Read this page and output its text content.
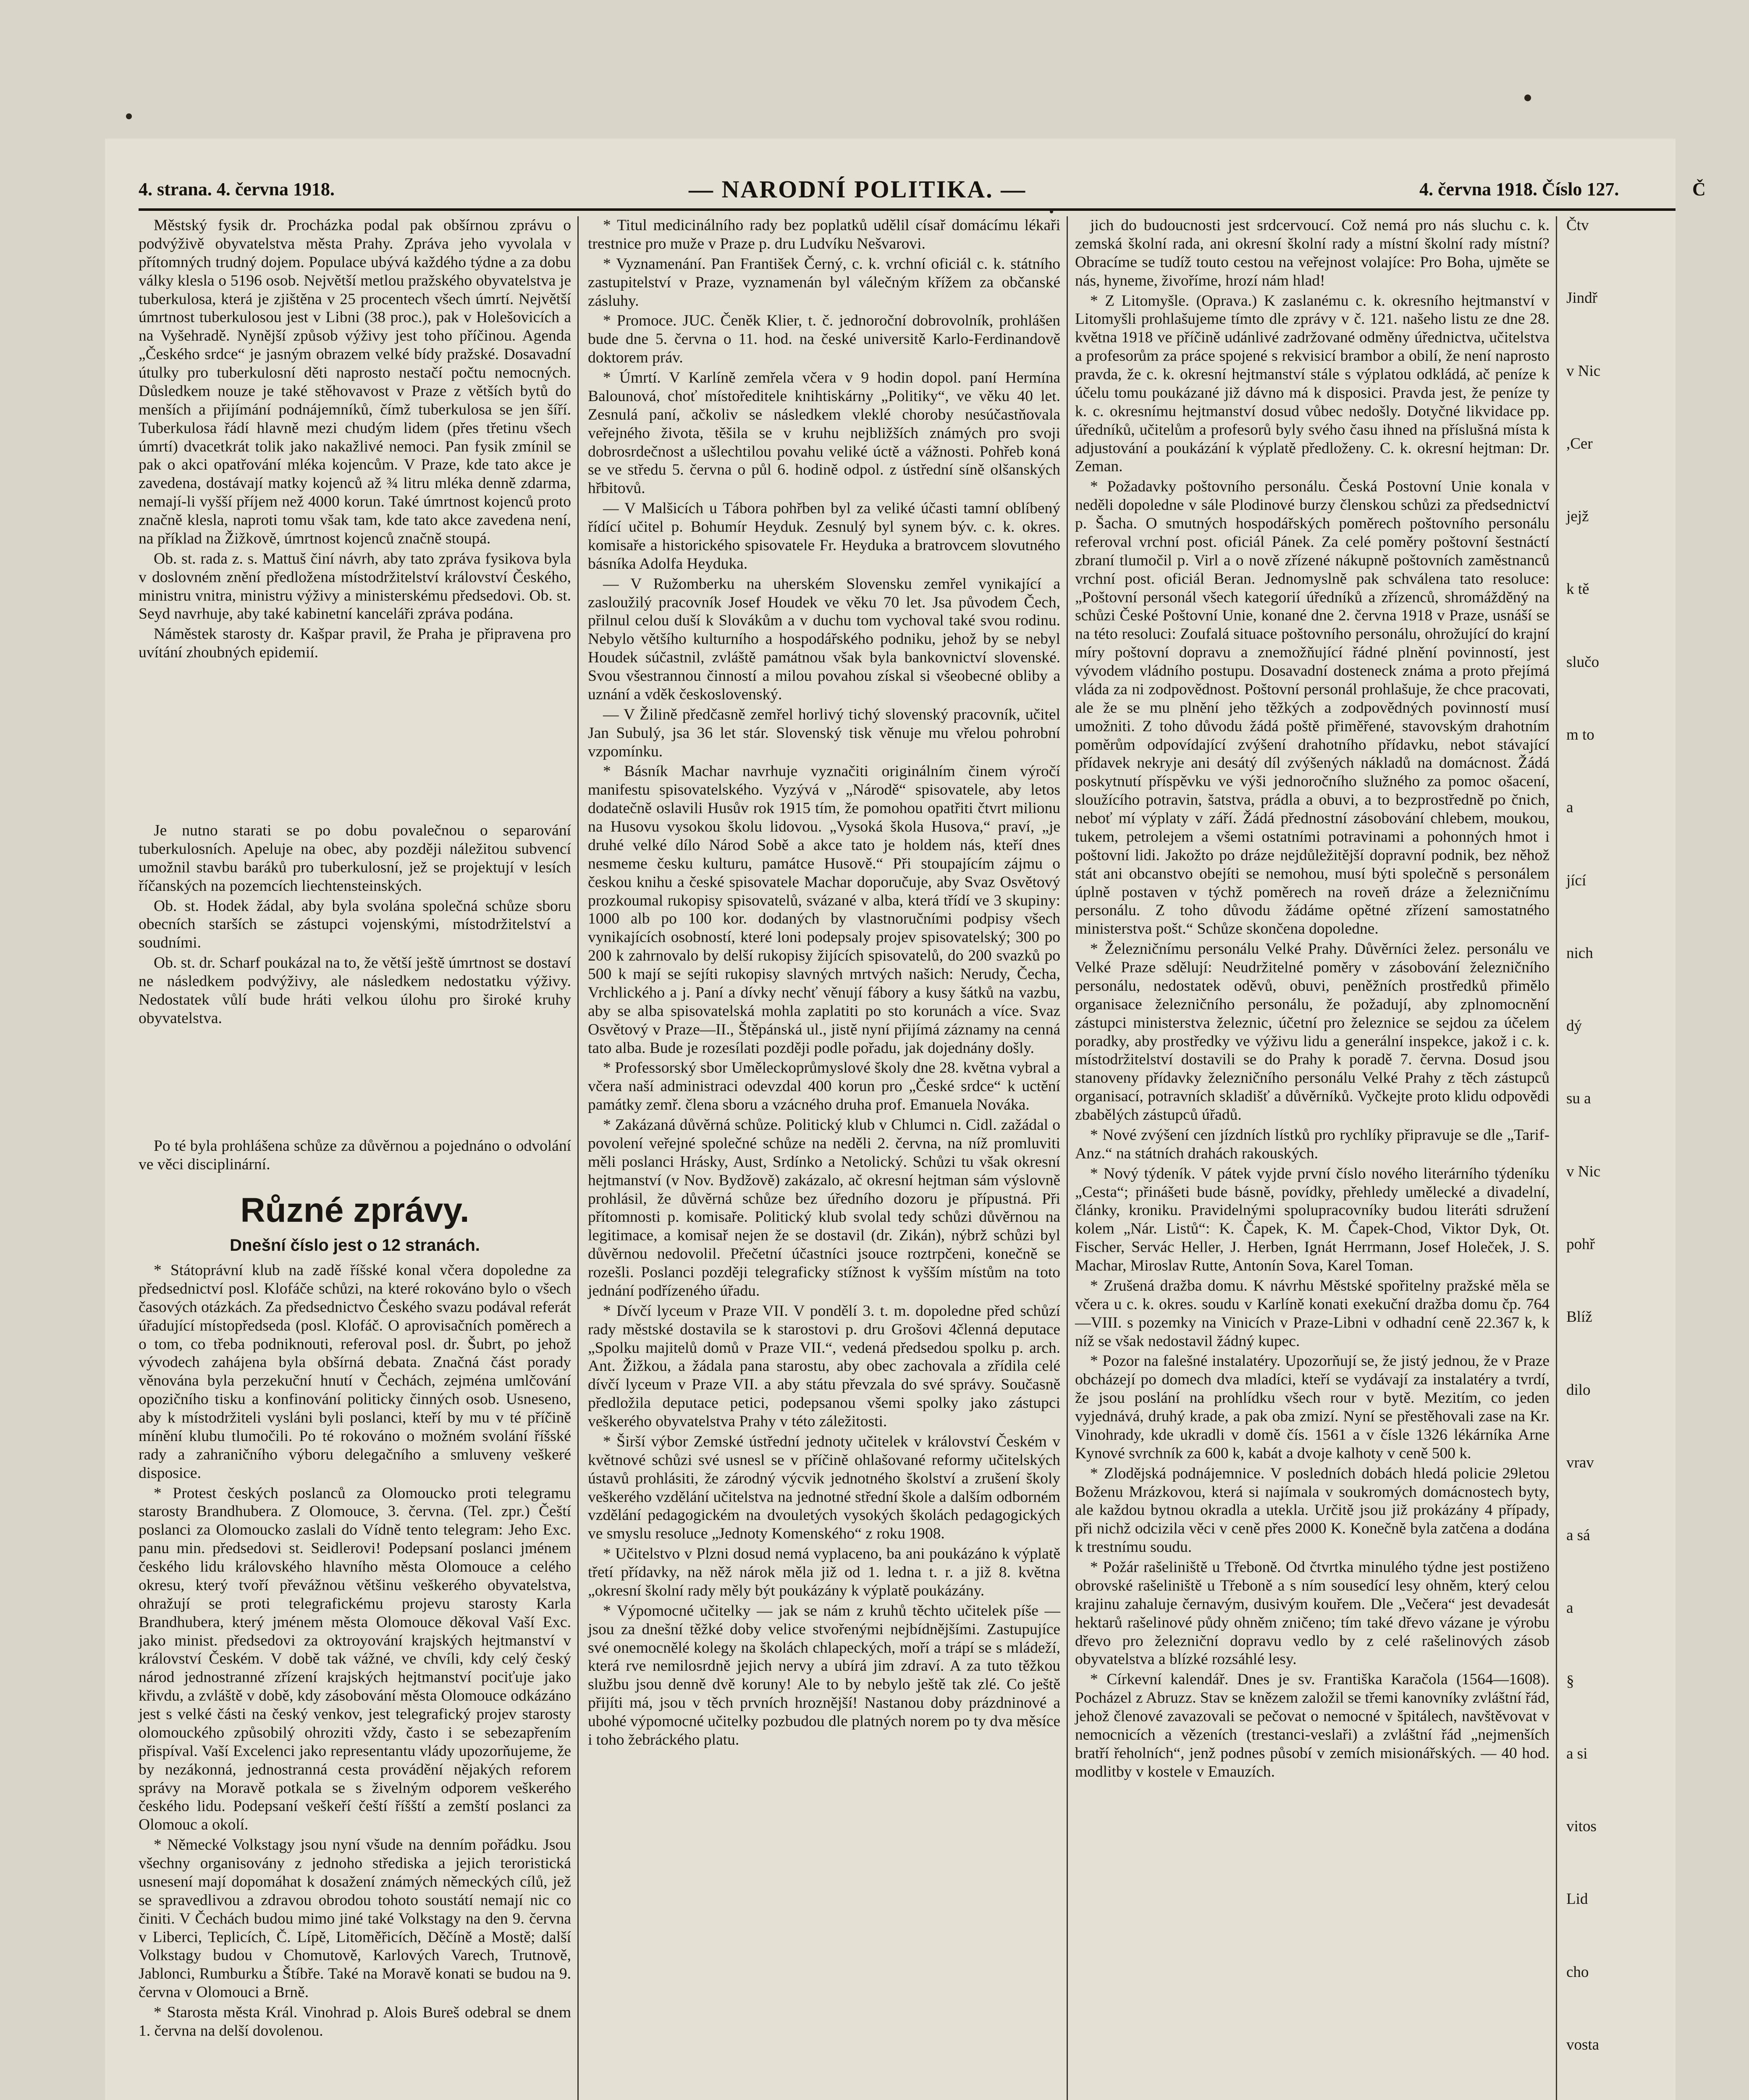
4. strana. 4. června 1918.	— NARODNÍ POLITIKA. —	4. června 1918. Číslo 127.	Č

Městský fysik dr. Procházka podal pak obšírnou zprávu o podvýživě obyvatelstva města Prahy. Zpráva jeho vyvolala v přítomných trudný dojem. Populace ubývá každého týdne a za dobu války klesla o 5196 osob. Největší metlou pražského obyvatelstva je tuberkulosa, která je zjištěna v 25 procentech všech úmrtí. Největší úmrtnost tuberkulosou jest v Libni (38 proc.), pak v Holešovicích a na Vyšehradě. Nynější způsob výživy jest toho příčinou. Agenda „Českého srdce“ je jasným obrazem velké bídy pražské. Dosavadní útulky pro tuberkulosní děti naprosto nestačí počtu nemocných. Důsledkem nouze je také stěhovavost v Praze z větších bytů do menších a přijímání podnájemníků, čímž tuberkulosa se jen šíří. Tuberkulosa řádí hlavně mezi chudým lidem (přes třetinu všech úmrtí) dvacetkrát tolik jako nakažlivé nemoci. Pan fysik zmínil se pak o akci opatřování mléka kojencům. V Praze, kde tato akce je zavedena, dostávají matky kojenců až ¾ litru mléka denně zdarma, nemají-li vyšší příjem než 4000 korun. Také úmrtnost kojenců proto značně klesla, naproti tomu však tam, kde tato akce zavedena není, na příklad na Žižkově, úmrtnost kojenců značně stoupá.

Ob. st. rada z. s. Mattuš činí návrh, aby tato zpráva fysikova byla v doslovném znění předložena místodržitelství království Českého, ministru vnitra, ministru výživy a ministerskému předsedovi. Ob. st. Seyd navrhuje, aby také kabinetní kanceláři zpráva podána.

Náměstek starosty dr. Kašpar pravil, že Praha je připravena pro uvítání zhoubných epidemií.

Je nutno starati se po dobu povalečnou o separování tuberkulosních. Apeluje na obec, aby později náležitou subvencí umožnil stavbu baráků pro tuberkulosní, jež se projektují v lesích říčanských na pozemcích liechtensteinských.

Ob. st. Hodek žádal, aby byla svolána společná schůze sboru obecních starších se zástupci vojenskými, místodržitelství a soudními.

Ob. st. dr. Scharf poukázal na to, že větší ještě úmrtnost se dostaví ne následkem podvýživy, ale následkem nedostatku výživy. Nedostatek vůlí bude hráti velkou úlohu pro široké kruhy obyvatelstva.

Po té byla prohlášena schůze za důvěrnou a pojednáno o odvolání ve věci disciplinární.

Různé zprávy.
Dnešní číslo jest o 12 stranách.

* Státoprávní klub na zadě říšské konal včera dopoledne za předsednictví posl. Klofáče schůzi, na které rokováno bylo o všech časových otázkách. Za předsednictvo Českého svazu podával referát úřadující místopředseda (posl. Klofáč. O aprovisačních poměrech a o tom, co třeba podniknouti, referoval posl. dr. Šubrt, po jehož vývodech zahájena byla obšírná debata. Značná část porady věnována byla perzekuční hnutí v Čechách, zejména umlčování opozičního tisku a konfinování politicky činných osob. Usneseno, aby k místodržiteli vysláni byli poslanci, kteří by mu v té příčině mínění klubu tlumočili. Po té rokováno o možném svolání říšské rady a zahraničního výboru delegačního a smluveny veškeré disposice.

* Protest českých poslanců za Olomoucko proti telegramu starosty Brandhubera. Z Olomouce, 3. června. (Tel. zpr.) Čeští poslanci za Olomoucko zaslali do Vídně tento telegram: Jeho Exc. panu min. předsedovi st. Seidlerovi! Podepsaní poslanci jménem českého lidu královského hlavního města Olomouce a celého okresu, který tvoří převážnou většinu veškerého obyvatelstva, ohražují se proti telegrafickému projevu starosty Karla Brandhubera, který jménem města Olomouce děkoval Vaší Exc. jako minist. předsedovi za oktroyování krajských hejtmanství v království Českém. V době tak vážné, ve chvíli, kdy celý český národ jednostranné zřízení krajských hejtmanství pociťuje jako křivdu, a zvláště v době, kdy zásobování města Olomouce odkázáno jest s velké části na český venkov, jest telegrafický projev starosty olomouckého způsobilý ohroziti vždy, často i se sebezapřením přispíval. Vaší Excelenci jako representantu vlády upozorňujeme, že by nezákonná, jednostranná cesta provádění nějakých reforem správy na Moravě potkala se s živelným odporem veškerého českého lidu. Podepsaní veškeří čeští říšští a zemští poslanci za Olomouc a okolí.

* Německé Volkstagy jsou nyní všude na denním pořádku. Jsou všechny organisovány z jednoho střediska a jejich teroristická usnesení mají dopomáhat k dosažení známých německých cílů, jež se spravedlivou a zdravou obrodou tohoto soustátí nemají nic co činiti. V Čechách budou mimo jiné také Volkstagy na den 9. června v Liberci, Teplicích, Č. Lípě, Litoměřicích, Děčíně a Mostě; další Volkstagy budou v Chomutově, Karlových Varech, Trutnově, Jablonci, Rumburku a Štíbře. Také na Moravě konati se budou na 9. června v Olomouci a Brně.

* Starosta města Král. Vinohrad p. Alois Bureš odebral se dnem 1. června na delší dovolenou.

* Titul medicinálního rady bez poplatků udělil císař domácímu lékaři trestnice pro muže v Praze p. dru Ludvíku Nešvarovi.

* Vyznamenání. Pan František Černý, c. k. vrchní oficiál c. k. státního zastupitelství v Praze, vyznamenán byl válečným křížem za občanské zásluhy.

* Promoce. JUC. Čeněk Klier, t. č. jednoroční dobrovolník, prohlášen bude dne 5. června o 11. hod. na české universitě Karlo-Ferdinandově doktorem práv.

* Úmrtí. V Karlíně zemřela včera v 9 hodin dopol. paní Hermína Balounová, choť místoředitele knihtiskárny „Politiky“, ve věku 40 let. Zesnulá paní, ačkoliv se následkem vleklé choroby nesúčastňovala veřejného života, těšila se v kruhu nejbližších známých pro svoji dobrosrdečnost a ušlechtilou povahu veliké úctě a vážnosti. Pohřeb koná se ve středu 5. června o půl 6. hodině odpol. z ústřední síně olšanských hřbitovů.

— V Malšicích u Tábora pohřben byl za veliké účasti tamní oblíbený řídící učitel p. Bohumír Heyduk. Zesnulý byl synem býv. c. k. okres. komisaře a historického spisovatele Fr. Heyduka a bratrovcem slovutného básníka Adolfa Heyduka.

— V Ružomberku na uherském Slovensku zemřel vynikající a zasloužilý pracovník Josef Houdek ve věku 70 let. Jsa původem Čech, přilnul celou duší k Slovákům a v duchu tom vychoval také svou rodinu. Nebylo většího kulturního a hospodářského podniku, jehož by se nebyl Houdek súčastnil, zvláště památnou však byla bankovnictví slovenské. Svou všestrannou činností a milou povahou získal si všeobecné obliby a uznání a vděk československý.

— V Žilině předčasně zemřel horlivý tichý slovenský pracovník, učitel Jan Subulý, jsa 36 let stár. Slovenský tisk věnuje mu vřelou pohrobní vzpomínku.

* Básník Machar navrhuje vyznačiti originálním činem výročí manifestu spisovatelského. Vyzývá v „Národě“ spisovatele, aby letos dodatečně oslavili Husův rok 1915 tím, že pomohou opatřiti čtvrt milionu na Husovu vysokou školu lidovou. „Vysoká škola Husova,“ praví, „je druhé velké dílo Národ Sobě a akce tato je holdem nás, kteří dnes nesmeme česku kulturu, památce Husově.“ Při stoupajícím zájmu o českou knihu a české spisovatele Machar doporučuje, aby Svaz Osvětový prozkoumal rukopisy spisovatelů, svázané v alba, která třídí ve 3 skupiny: 1000 alb po 100 kor. dodaných by vlastnoručními podpisy všech vynikajících osobností, které loni podepsaly projev spisovatelský; 300 po 200 k zahrnovalo by delší rukopisy žijících spisovatelů, do 200 svazků po 500 k mají se sejíti rukopisy slavných mrtvých našich: Nerudy, Čecha, Vrchlického a j. Paní a dívky nechť věnují fábory a kusy šátků na vazbu, aby se alba spisovatelská mohla zaplatiti po sto korunách a více. Svaz Osvětový v Praze—II., Štěpánská ul., jistě nyní přijímá záznamy na cenná tato alba. Bude je rozesílati později podle pořadu, jak dojednány došly.

* Professorský sbor Uměleckoprůmyslové školy dne 28. května vybral a včera naší administraci odevzdal 400 korun pro „České srdce“ k uctění památky zemř. člena sboru a vzácného druha prof. Emanuela Nováka.

* Zakázaná důvěrná schůze. Politický klub v Chlumci n. Cidl. zažádal o povolení veřejné společné schůze na neděli 2. června, na níž promluviti měli poslanci Hrásky, Aust, Srdínko a Netolický. Schůzi tu však okresní hejtmanství (v Nov. Bydžově) zakázalo, ač okresní hejtman sám výslovně prohlásil, že důvěrná schůze bez úředního dozoru je přípustná. Při přítomnosti p. komisaře. Politický klub svolal tedy schůzi důvěrnou na legitimace, a komisař nejen že se dostavil (dr. Zikán), nýbrž schůzi byl důvěrnou nedovolil. Přečetní účastníci jsouce roztrpčeni, konečně se rozešli. Poslanci později telegraficky stížnost k vyšším místům na toto jednání podřízeného úřadu.

* Dívčí lyceum v Praze VII. V pondělí 3. t. m. dopoledne před schůzí rady městské dostavila se k starostovi p. dru Grošovi 4členná deputace „Spolku majitelů domů v Praze VII.“, vedená předsedou spolku p. arch. Ant. Žižkou, a žádala pana starostu, aby obec zachovala a zřídila celé dívčí lyceum v Praze VII. a aby státu převzala do své správy. Současně předložila deputace petici, podepsanou všemi spolky jako zástupci veškerého obyvatelstva Prahy v této záležitosti.

* Širší výbor Zemské ústřední jednoty učitelek v království Českém v květnové schůzi své usnesl se v příčině ohlašované reformy učitelských ústavů prohlásiti, že zárodný výcvik jednotného školství a zrušení školy veškerého vzdělání učitelstva na jednotné střední škole a dalším odborném vzdělání pedagogickém na dvouletých vysokých školách pedagogických ve smyslu resoluce „Jednoty Komenského“ z roku 1908.

* Učitelstvo v Plzni dosud nemá vyplaceno, ba ani poukázáno k výplatě třetí přídavky, na něž nárok měla již od 1. ledna t. r. a již 8. května „okresní školní rady měly být poukázány k výplatě poukázány.

* Výpomocné učitelky — jak se nám z kruhů těchto učitelek píše — jsou za dnešní těžké doby velice stvořenými nejbídnějšími. Zastupujíce své onemocnělé kolegy na školách chlapeckých, moří a trápí se s mládeží, která rve nemilosrdně jejich nervy a ubírá jim zdraví. A za tuto těžkou službu jsou denně dvě koruny! Ale to by nebylo ještě tak zlé. Co ještě přijíti má, jsou v těch prvních hroznější! Nastanou doby prázdninové a ubohé výpomocné učitelky pozbudou dle platných norem po ty dva měsíce i toho žebráckého platu.

jich do budoucnosti jest srdcervoucí. Což nemá pro nás sluchu c. k. zemská školní rada, ani okresní školní rady a místní školní rady místní? Obracíme se tudíž touto cestou na veřejnost volajíce: Pro Boha, ujměte se nás, hyneme, živoříme, hrozí nám hlad!

* Z Litomyšle. (Oprava.) K zaslanému c. k. okresního hejtmanství v Litomyšli prohlašujeme tímto dle zprávy v č. 121. našeho listu ze dne 28. května 1918 ve příčině udánlivé zadržované odměny úřednictva, učitelstva a profesorům za práce spojené s rekvisicí brambor a obilí, že není naprosto pravda, že c. k. okresní hejtmanství stále s výplatou odkládá, ač peníze k účelu tomu poukázané již dávno má k disposici. Pravda jest, že peníze ty k. c. okresnímu hejtmanství dosud vůbec nedošly. Dotyčné likvidace pp. úředníků, učitelům a profesorů byly svého času ihned na příslušná místa k adjustování a poukázání k výplatě předloženy. C. k. okresní hejtman: Dr. Zeman.

* Požadavky poštovního personálu. Česká Postovní Unie konala v neděli dopoledne v sále Plodinové burzy členskou schůzi za předsednictví p. Šacha. O smutných hospodářských poměrech poštovního personálu referoval vrchní post. oficiál Pánek. Za celé poměry poštovní šestnáctí zbraní tlumočil p. Virl a o nově zřízené nákupně poštovních zaměstnanců vrchní post. oficiál Beran. Jednomyslně pak schválena tato resoluce: „Poštovní personál všech kategorií úředníků a zřízenců, shromážděný na schůzi České Poštovní Unie, konané dne 2. června 1918 v Praze, usnáší se na této resoluci: Zoufalá situace poštovního personálu, ohrožující do krajní míry poštovní dopravu a znemožňující řádné plnění povinností, jest vývodem vládního postupu. Dosavadní dosteneck známa a proto přejímá vláda za ni zodpovědnost. Poštovní personál prohlašuje, že chce pracovati, ale že se mu plnění jeho těžkých a zodpovědných povinností musí umožniti. Z toho důvodu žádá poště přiměřené, stavovským drahotním poměrům odpovídající zvýšení drahotního přídavku, nebot stávající přídavek nekryje ani desátý díl zvýšených nákladů na domácnost. Žádá poskytnutí příspěvku ve výši jednoročního služného za pomoc ošacení, sloužícího potravin, šatstva, prádla a obuvi, a to bezprostředně po čnich, neboť mí výplaty v září. Žádá přednostní zásobování chlebem, moukou, tukem, petrolejem a všemi ostatními potravinami a pohonných hmot i poštovní lidi. Jakožto po dráze nejdůležitější dopravní podnik, bez něhož stát ani obcanstvo obejíti se nemohou, musí býti společně s personálem úplně postaven v týchž poměrech na roveň dráze a železničnímu personálu. Z toho důvodu žádáme opětné zřízení samostatného ministerstva pošt.“ Schůze skončena dopoledne.

* Železničnímu personálu Velké Prahy. Důvěrníci želez. personálu ve Velké Praze sdělují: Neudržitelné poměry v zásobování železničního personálu, nedostatek oděvů, obuvi, peněžních prostředků přimělo organisace železničního personálu, že požadují, aby zplnomocnění zástupci ministerstva železnic, účetní pro železnice se sejdou za účelem poradky, aby prostředky ve výživu lidu a generální inspekce, jakož i c. k. místodržitelství dostavili se do Prahy k poradě 7. června. Dosud jsou stanoveny přídavky železničního personálu Velké Prahy z těch zástupců organisací, potravních skladišť a důvěrníků. Vyčkejte proto klidu odpovědi zbabělých zástupců úřadů.

* Nové zvýšení cen jízdních lístků pro rychlíky připravuje se dle „Tarif-Anz.“ na státních drahách rakouských.

* Nový týdeník. V pátek vyjde první číslo nového literárního týdeníku „Cesta“; přinášeti bude básně, povídky, přehledy umělecké a divadelní, články, kroniku. Pravidelnými spolupracovníky budou literáti sdružení kolem „Nár. Listů“: K. Čapek, K. M. Čapek-Chod, Viktor Dyk, Ot. Fischer, Servác Heller, J. Herben, Ignát Herrmann, Josef Holeček, J. S. Machar, Miroslav Rutte, Antonín Sova, Karel Toman.

* Zrušená dražba domu. K návrhu Městské spořitelny pražské měla se včera u c. k. okres. soudu v Karlíně konati exekuční dražba domu čp. 764—VIII. s pozemky na Vinicích v Praze-Libni v odhadní ceně 22.367 k, k níž se však nedostavil žádný kupec.

* Pozor na falešné instalatéry. Upozorňují se, že jistý jednou, že v Praze obcházejí po domech dva mladíci, kteří se vydávají za instalatéry a tvrdí, že jsou poslání na prohlídku všech rour v bytě. Mezitím, co jeden vyjednává, druhý krade, a pak oba zmizí. Nyní se přestěhovali zase na Kr. Vinohrady, kde ukradli v domě čís. 1561 a v čísle 1326 lékárníka Arne Kynové svrchník za 600 k, kabát a dvoje kalhoty v ceně 500 k.

* Zlodějská podnájemnice. V posledních dobách hledá policie 29letou Boženu Mrázkovou, která si najímala v soukromých domácnostech byty, ale každou bytnou okradla a utekla. Určitě jsou již prokázány 4 případy, při nichž odcizila věci v ceně přes 2000 K. Konečně byla zatčena a dodána k trestnímu soudu.

* Požár rašeliniště u Třeboně. Od čtvrtka minulého týdne jest postiženo obrovské rašeliniště u Třeboně a s ním sousedící lesy ohněm, který celou krajinu zahaluje černavým, dusivým kouřem. Dle „Večera“ jest devadesát hektarů rašelinové půdy ohněm zničeno; tím také dřevo vázane je výrobu dřevo pro železniční dopravu vedlo by z celé rašelinových zásob obyvatelstva a blízké rozsáhlé lesy.

* Církevní kalendář. Dnes je sv. Františka Karačola (1564—1608). Pocházel z Abruzz. Stav se knězem založil se třemi kanovníky zvláštní řád, jehož členové zavazovali se pečovat o nemocné v špitálech, navštěvovat v nemocnicích a vězeních (trestanci-veslaři) a zvláštní řád „nejmenších bratří řeholních“, jenž podnes působí v zemích misionářských. — 40 hod. modlitby v kostele v Emauzích.

Čtv
Jindř
v Nic
,Cer
jejž
k tě
slučo
m to
a
jící
nich
dý
su a
v Nic
pohř
Blíž
dilo
vrav
a sá
a
§
a si
vitos
Lid
cho
vosta
